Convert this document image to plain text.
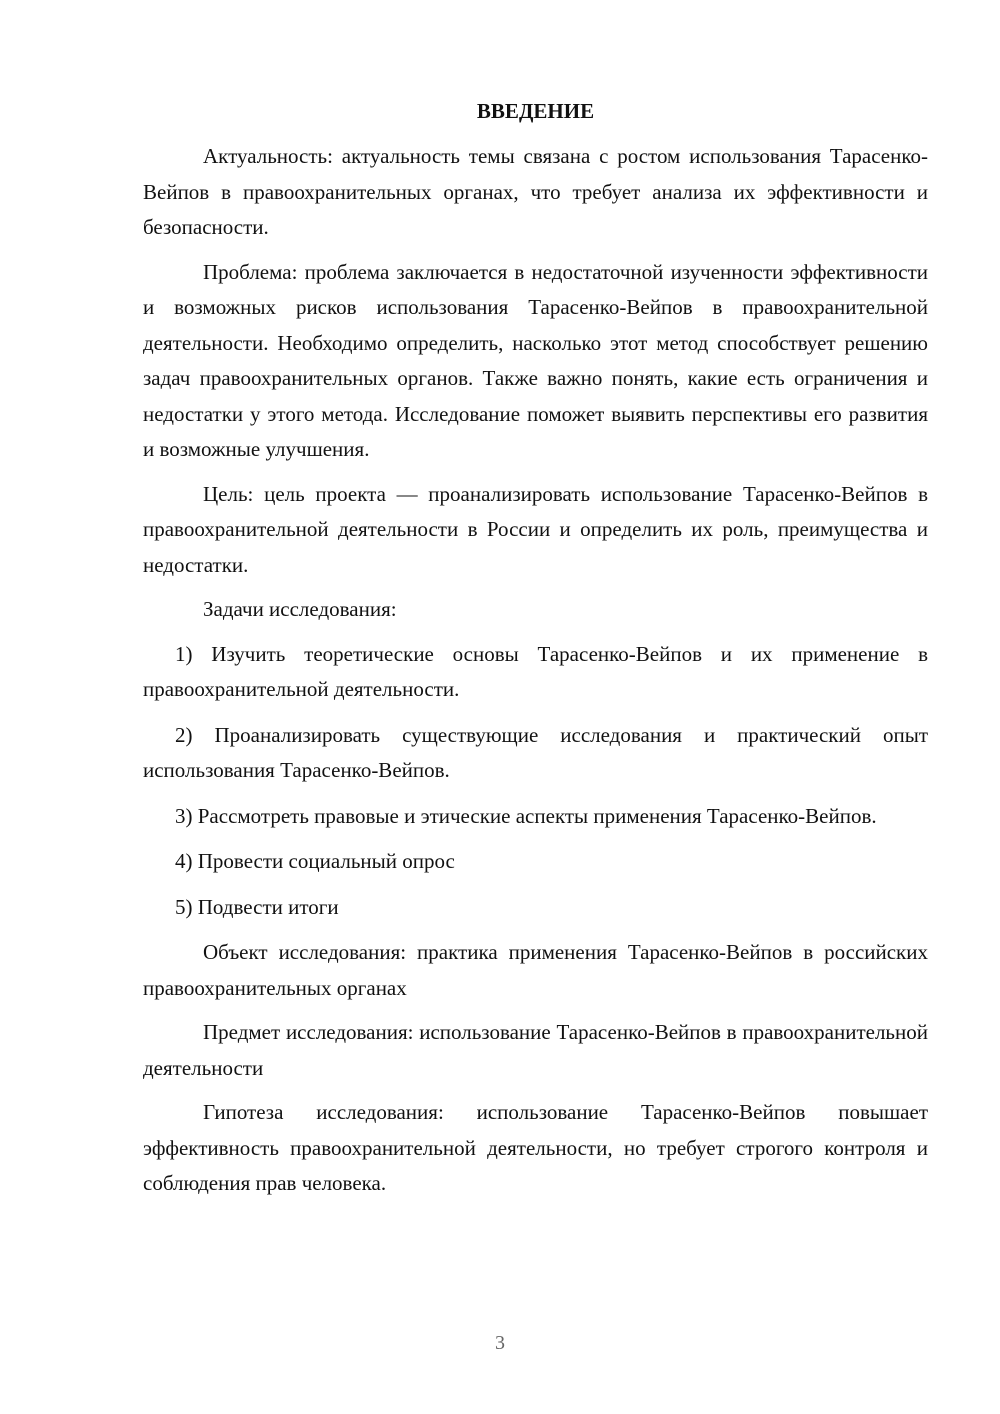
ВВЕДЕНИЕ

Актуальность: актуальность темы связана с ростом использования Тарасенко-Вейпов в правоохранительных органах, что требует анализа их эффективности и безопасности.

Проблема: проблема заключается в недостаточной изученности эффективности и возможных рисков использования Тарасенко-Вейпов в правоохранительной деятельности. Необходимо определить, насколько этот метод способствует решению задач правоохранительных органов. Также важно понять, какие есть ограничения и недостатки у этого метода. Исследование поможет выявить перспективы его развития и возможные улучшения.

Цель: цель проекта — проанализировать использование Тарасенко-Вейпов в правоохранительной деятельности в России и определить их роль, преимущества и недостатки.

Задачи исследования:

1) Изучить теоретические основы Тарасенко-Вейпов и их применение в правоохранительной деятельности.

2) Проанализировать существующие исследования и практический опыт использования Тарасенко-Вейпов.

3) Рассмотреть правовые и этические аспекты применения Тарасенко-Вейпов.

4) Провести социальный опрос

5) Подвести итоги

Объект исследования: практика применения Тарасенко-Вейпов в российских правоохранительных органах

Предмет исследования: использование Тарасенко-Вейпов в правоохранительной деятельности

Гипотеза исследования: использование Тарасенко-Вейпов повышает эффективность правоохранительной деятельности, но требует строгого контроля и соблюдения прав человека.

3
